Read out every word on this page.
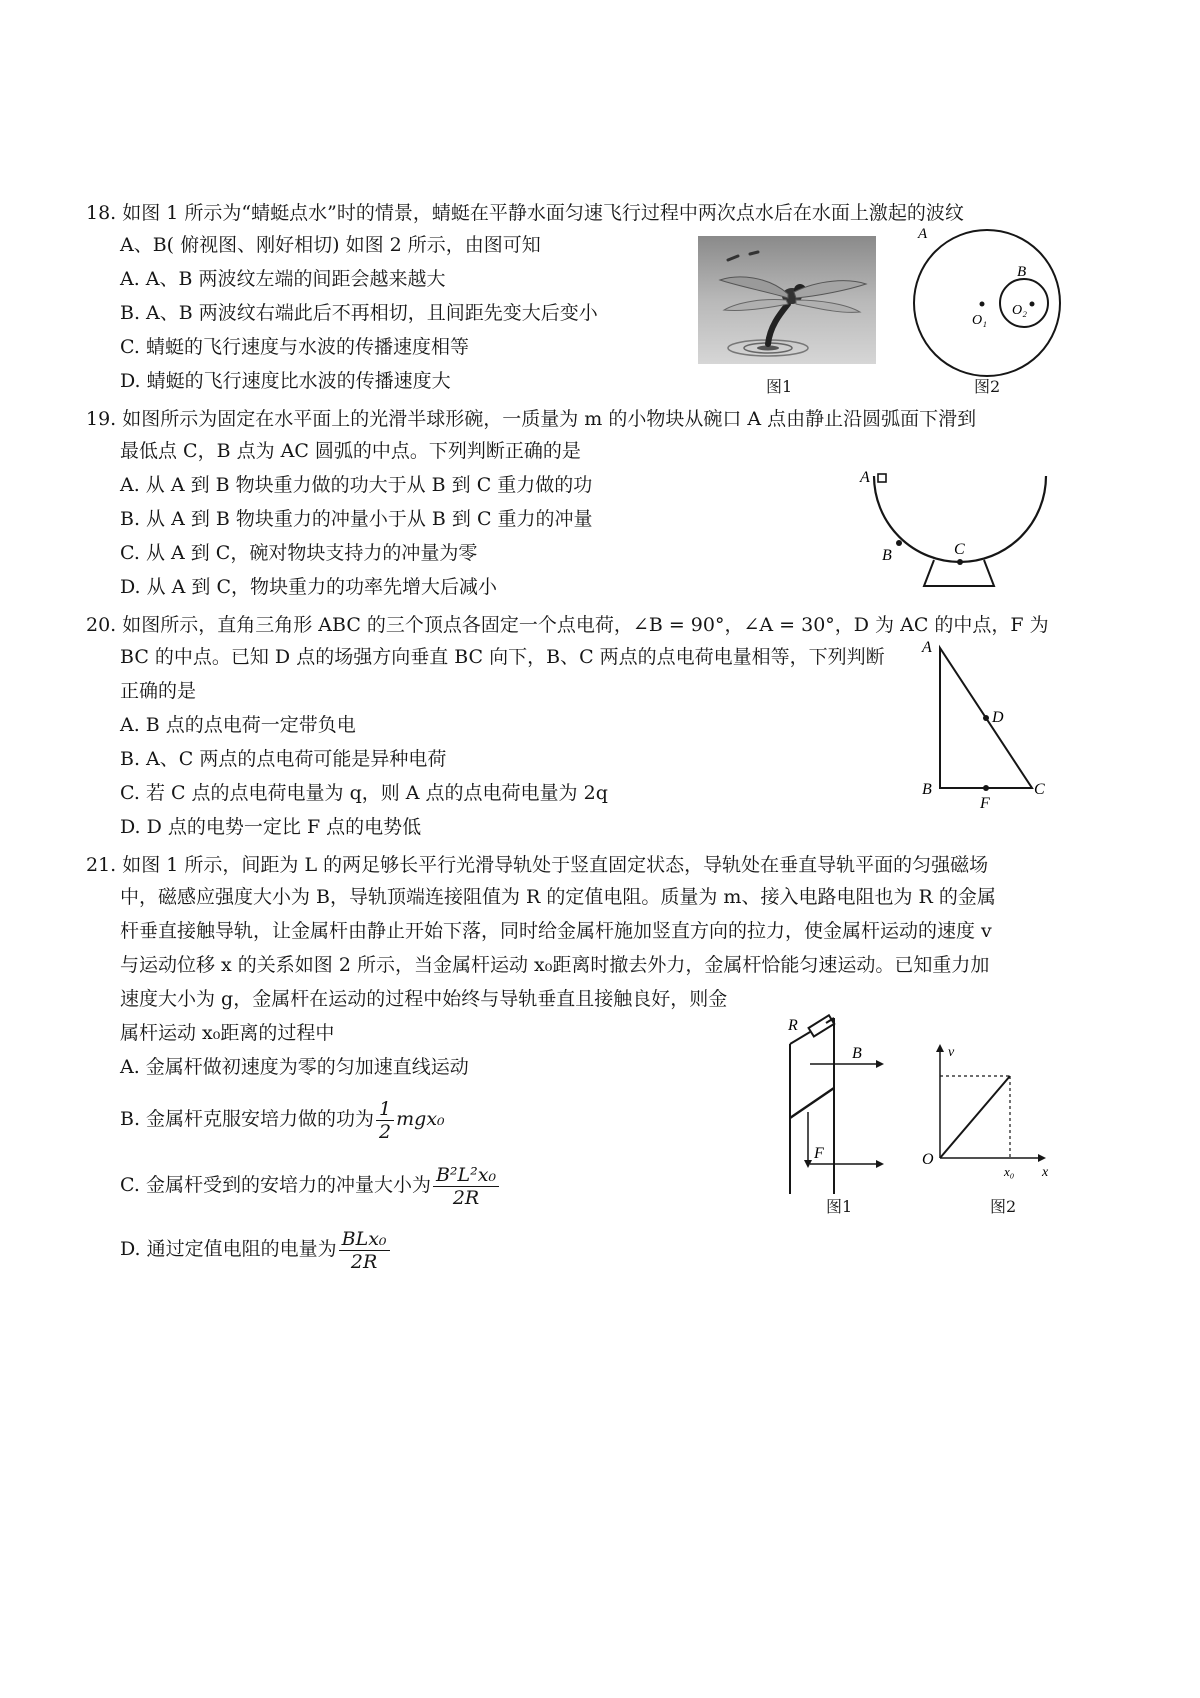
18. 如图 1 所示为“蜻蜓点水”时的情景，蜻蜓在平静水面匀速飞行过程中两次点水后在水面上激起的波纹
A、B( 俯视图、刚好相切) 如图 2 所示，由图可知
A. A、B 两波纹左端的间距会越来越大
B. A、B 两波纹右端此后不再相切，且间距先变大后变小
C. 蜻蜓的飞行速度与水波的传播速度相等
D. 蜻蜓的飞行速度比水波的传播速度大	图1
A
B
O₁
O₂
图2
19. 如图所示为固定在水平面上的光滑半球形碗，一质量为 m 的小物块从碗口 A 点由静止沿圆弧面下滑到
最低点 C，B 点为 AC 圆弧的中点。下列判断正确的是
A. 从 A 到 B 物块重力做的功大于从 B 到 C 重力做的功
B. 从 A 到 B 物块重力的冲量小于从 B 到 C 重力的冲量
C. 从 A 到 C，碗对物块支持力的冲量为零
D. 从 A 到 C，物块重力的功率先增大后减小
A
B	C
20. 如图所示，直角三角形 ABC 的三个顶点各固定一个点电荷，∠B = 90°，∠A = 30°，D 为 AC 的中点，F 为
BC 的中点。已知 D 点的场强方向垂直 BC 向下，B、C 两点的点电荷电量相等，下列判断
正确的是
A. B 点的点电荷一定带负电
B. A、C 两点的点电荷可能是异种电荷
C. 若 C 点的点电荷电量为 q，则 A 点的点电荷电量为 2q
D. D 点的电势一定比 F 点的电势低
A
B	C
D
F
21. 如图 1 所示，间距为 L 的两足够长平行光滑导轨处于竖直固定状态，导轨处在垂直导轨平面的匀强磁场
中，磁感应强度大小为 B，导轨顶端连接阻值为 R 的定值电阻。质量为 m、接入电路电阻也为 R 的金属
杆垂直接触导轨，让金属杆由静止开始下落，同时给金属杆施加竖直方向的拉力，使金属杆运动的速度 v
与运动位移 x 的关系如图 2 所示，当金属杆运动 x₀距离时撤去外力，金属杆恰能匀速运动。已知重力加
速度大小为 g，金属杆在运动的过程中始终与导轨垂直且接触良好，则金
属杆运动 x₀距离的过程中
A. 金属杆做初速度为零的匀加速直线运动
B. 金属杆克服安培力做的功为 $\frac{1}{2} mgx_0$
C. 金属杆受到的安培力的冲量大小为 $\frac{\text{B²L²x₀}}{2R}$
D. 通过定值电阻的电量为 $\frac{\text{BLx₀}}{2R}$
R
B
F
图1
v
O
x₀ x
图2
